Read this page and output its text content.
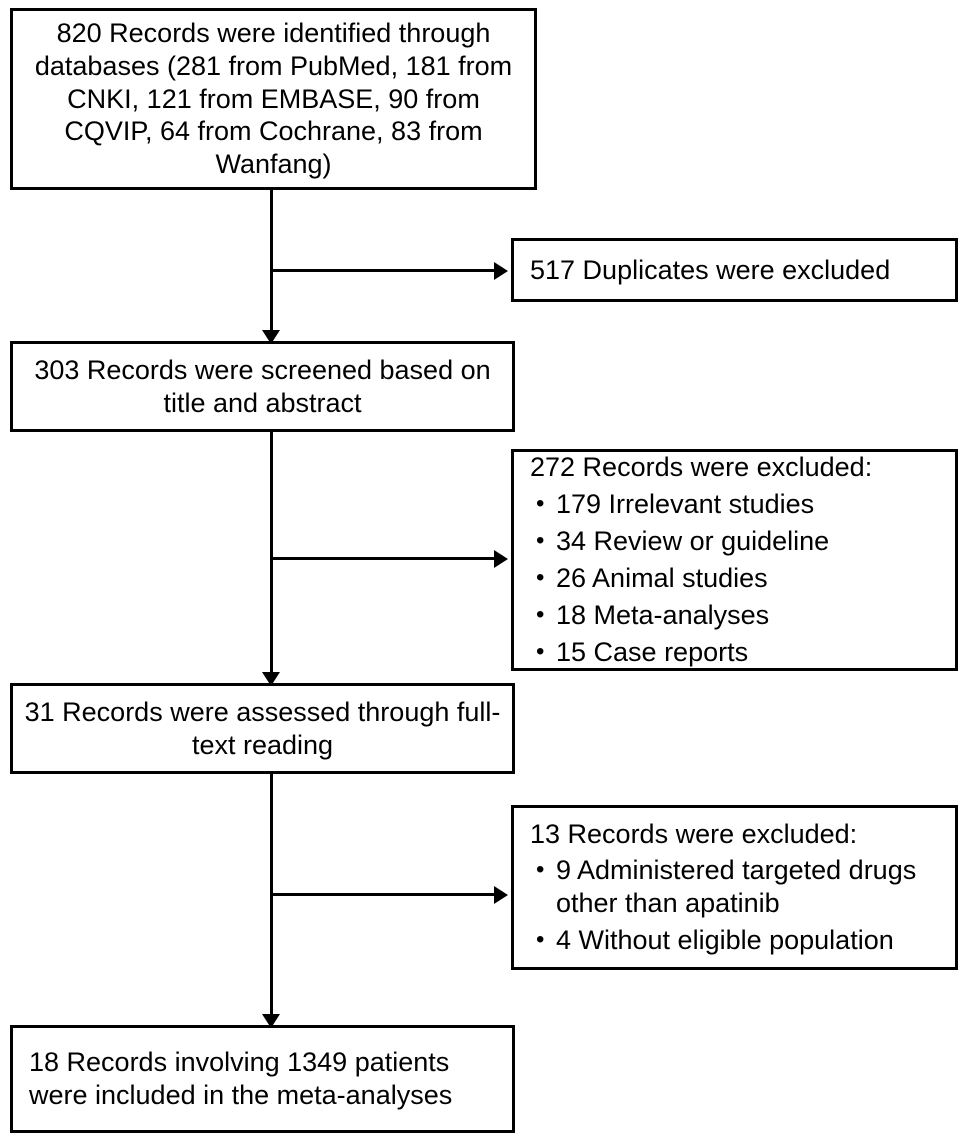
820 Records were identified through databases (281 from PubMed, 181 from CNKI, 121 from EMBASE, 90 from CQVIP, 64 from Cochrane, 83 from Wanfang)
517 Duplicates were excluded
303 Records were screened based on title and abstract

272 Records were excluded:

• 179 Irrelevant studies
• 34 Review or guideline
• 26 Animal studies
• 18 Meta-analyses
• 15 Case reports
31 Records were assessed through full-text reading

13 Records were excluded:

• 9 Administered targeted drugs other than apatinib
• 4 Without eligible population
18 Records involving 1349 patients were included in the meta-analyses
